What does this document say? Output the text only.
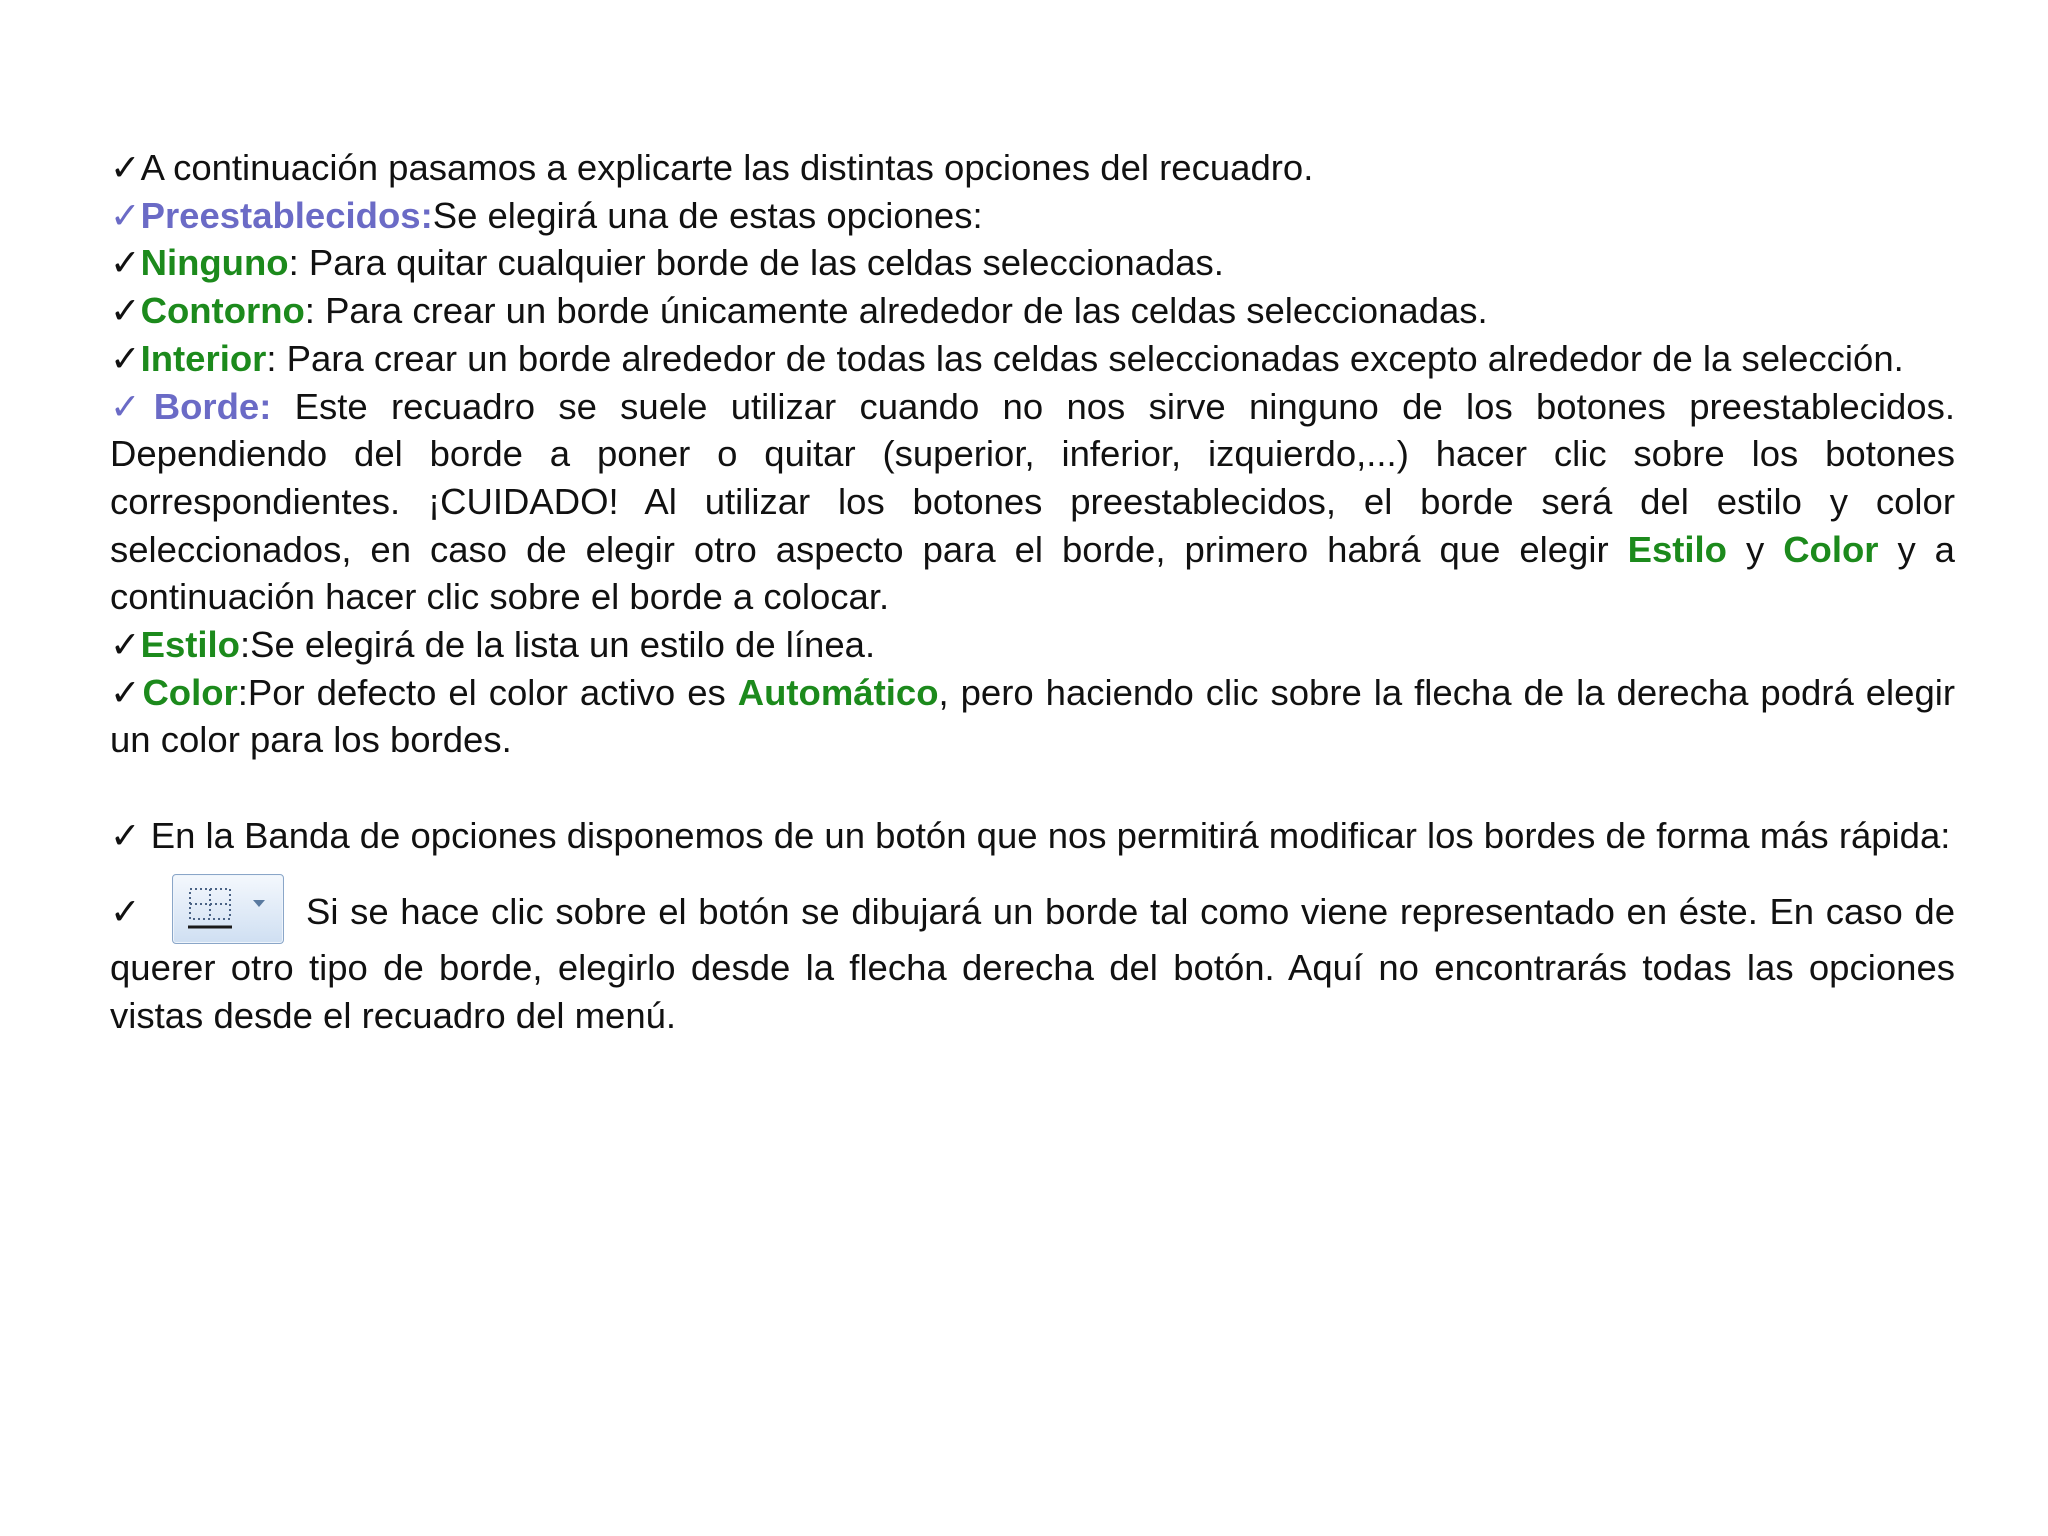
✓A continuación pasamos a explicarte las distintas opciones del recuadro.

✓Preestablecidos:Se elegirá una de estas opciones:

✓Ninguno: Para quitar cualquier borde de las celdas seleccionadas.

✓Contorno: Para crear un borde únicamente alrededor de las celdas seleccionadas.

✓Interior: Para crear un borde alrededor de todas las celdas seleccionadas excepto alrededor de la selección.

✓Borde: Este recuadro se suele utilizar cuando no nos sirve ninguno de los botones preestablecidos. Dependiendo del borde a poner o quitar (superior, inferior, izquierdo,...) hacer clic sobre los botones correspondientes. ¡CUIDADO! Al utilizar los botones preestablecidos, el borde será del estilo y color seleccionados, en caso de elegir otro aspecto para el borde, primero habrá que elegir Estilo y Color y a continuación hacer clic sobre el borde a colocar.

✓Estilo:Se elegirá de la lista un estilo de línea.

✓Color:Por defecto el color activo es Automático, pero haciendo clic sobre la flecha de la derecha podrá elegir un color para los bordes.

✓ En la Banda de opciones disponemos de un botón que nos permitirá modificar los bordes de forma más rápida:

✓	Si se hace clic sobre el botón se dibujará un borde tal como viene representado en éste. En caso de querer otro tipo de borde, elegirlo desde la flecha derecha del botón. Aquí no encontrarás todas las opciones vistas desde el recuadro del menú.
